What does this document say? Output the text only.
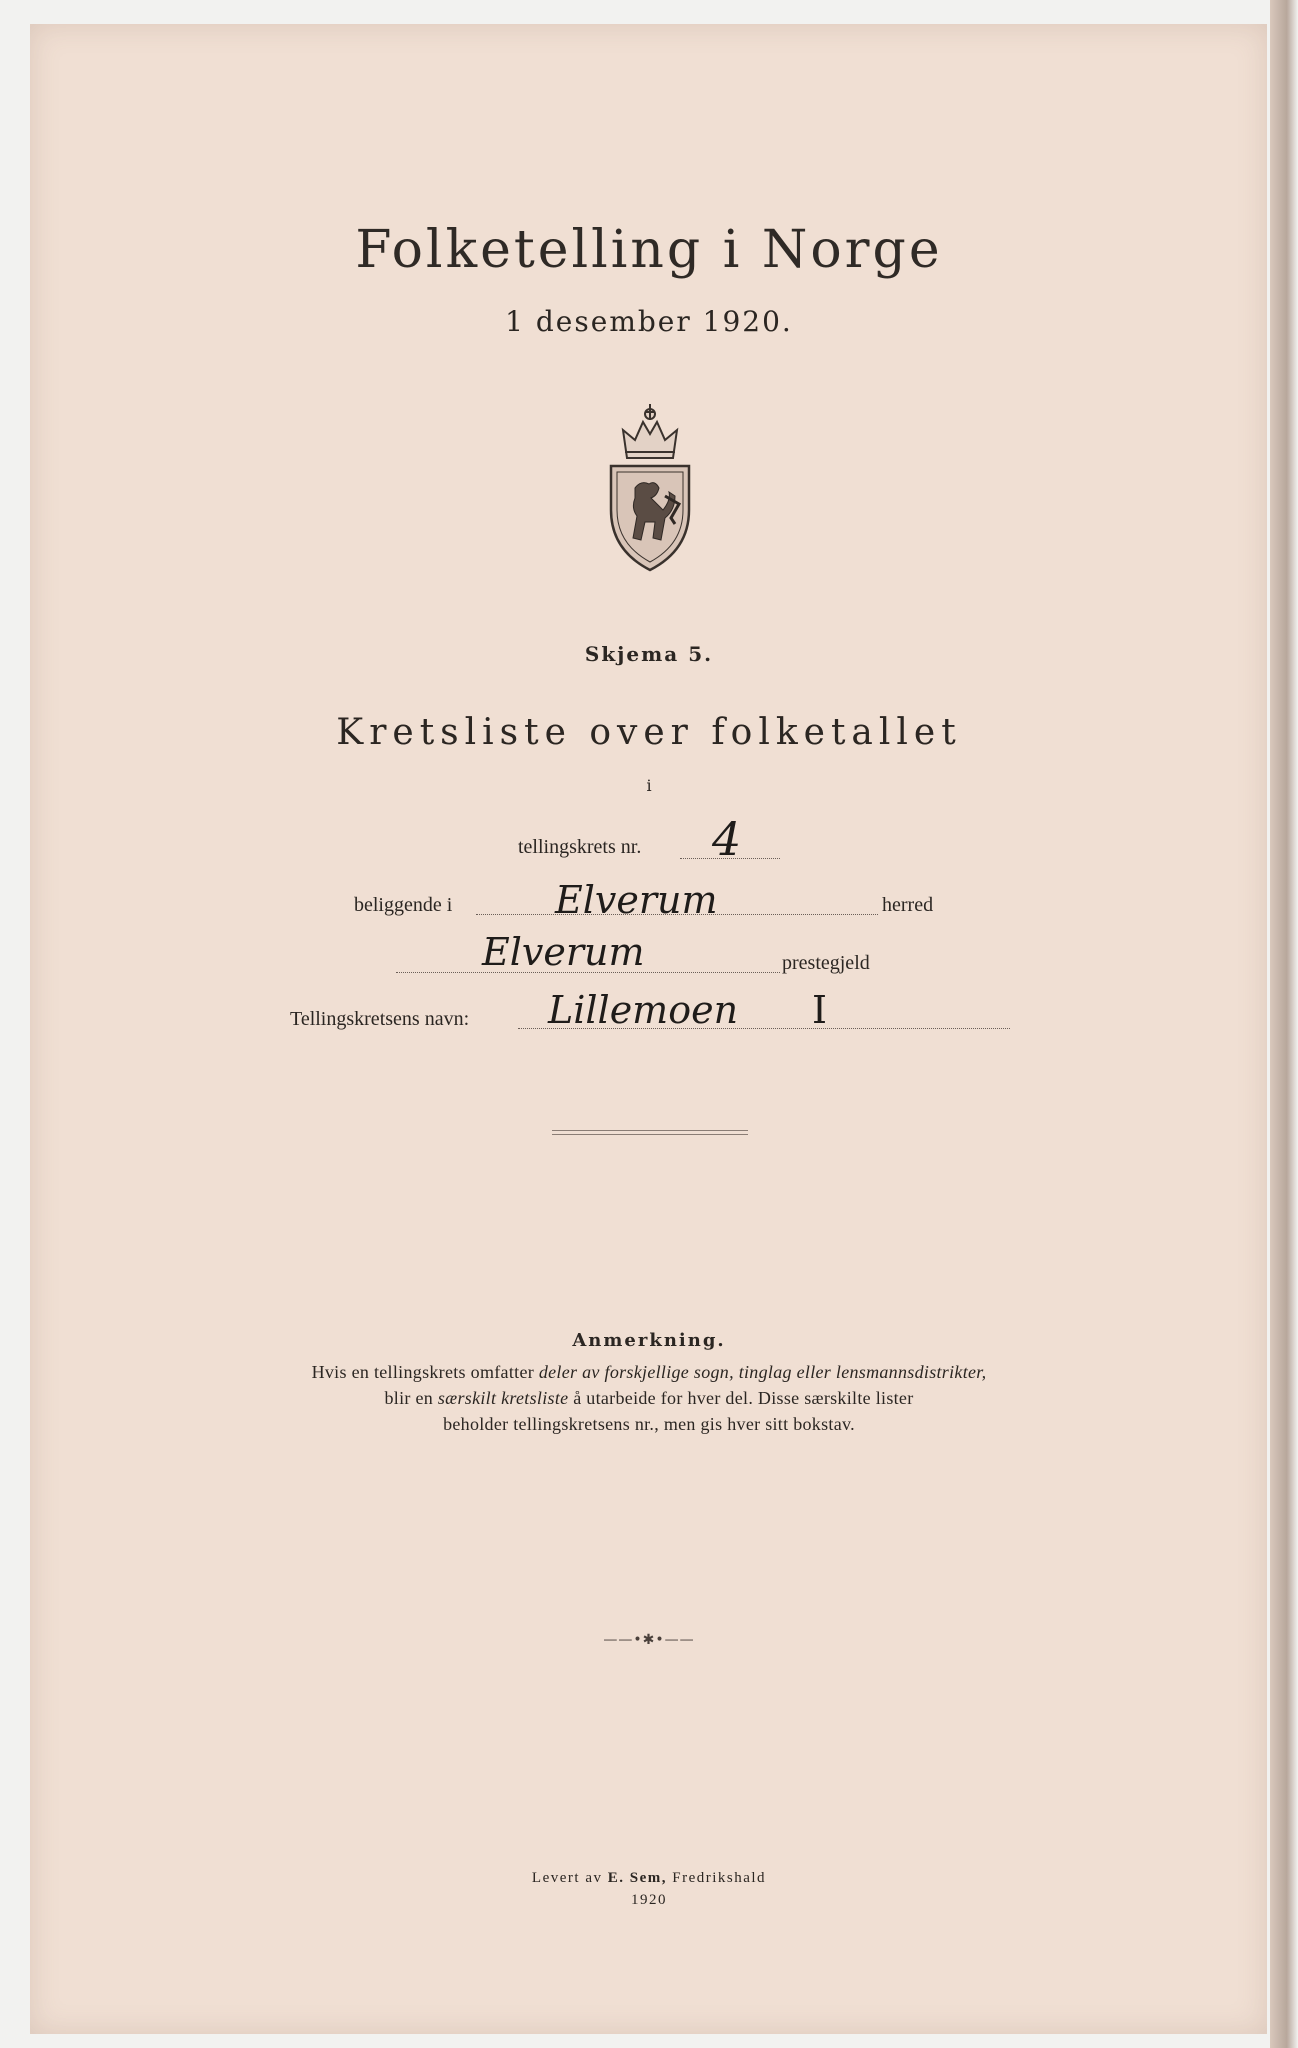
Folketelling i Norge
1 desember 1920.
Skjema 5.
Kretsliste over folketallet
i
tellingskrets nr. 4
beliggende i	Elverum	herred
Elverum	prestegjeld
Tellingskretsens navn: Lillemoen I
Anmerkning.
Hvis en tellingskrets omfatter deler av forskjellige sogn, tinglag eller lensmannsdistrikter,
blir en særskilt kretsliste å utarbeide for hver del. Disse særskilte lister
beholder tellingskretsens nr., men gis hver sitt bokstav.
——•✱•——
Levert av E. Sem, Fredrikshald
1920
